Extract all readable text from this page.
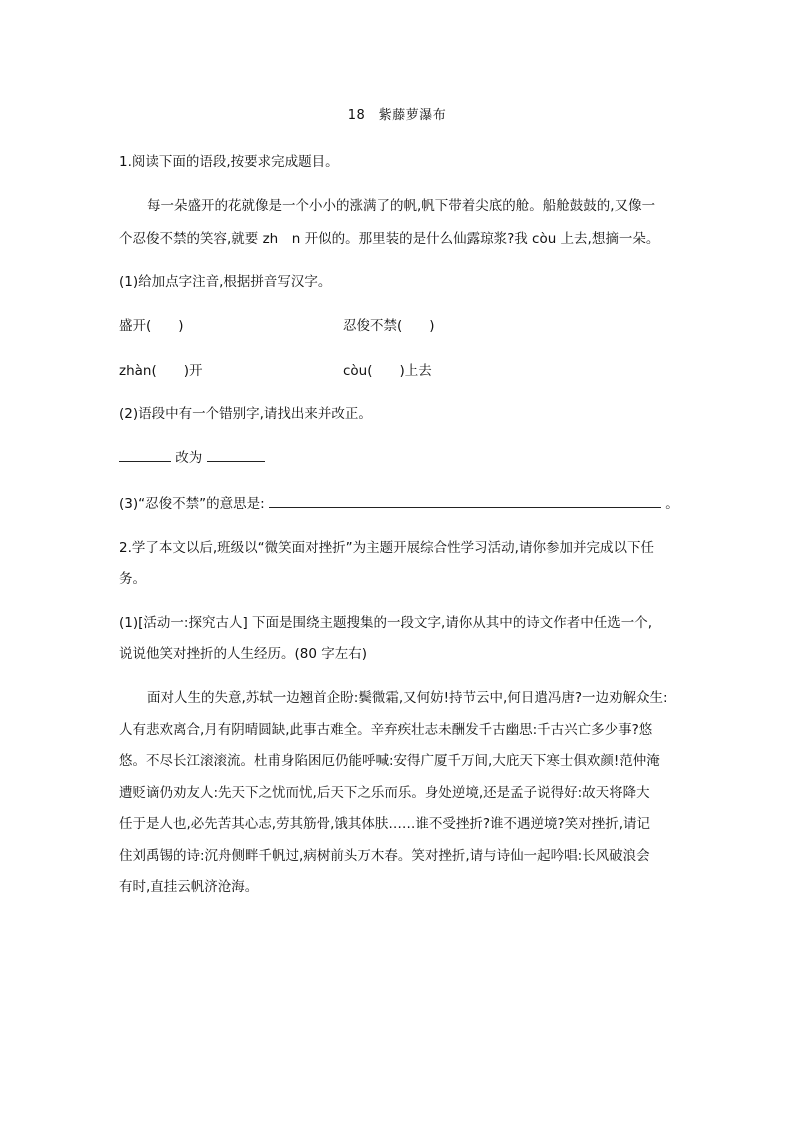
18　紫藤萝瀑布
1.阅读下面的语段,按要求完成题目。
每一朵盛开的花就像是一个小小的涨满了的帆,帆下带着尖底的舱。船舱鼓鼓的,又像一
个忍俊不禁的笑容,就要 zh　n 开似的。那里装的是什么仙露琼浆?我 còu 上去,想摘一朵。
(1)给加点字注音,根据拼音写汉字。
盛开(　　)	忍俊不禁(　　)
zhàn(　　)开	còu(　　)上去
(2)语段中有一个错别字,请找出来并改正。
改为
(3)“忍俊不禁”的意思是:	。
2.学了本文以后,班级以“微笑面对挫折”为主题开展综合性学习活动,请你参加并完成以下任
务。
(1)[活动一:探究古人] 下面是围绕主题搜集的一段文字,请你从其中的诗文作者中任选一个,
说说他笑对挫折的人生经历。(80 字左右)
面对人生的失意,苏轼一边翘首企盼:鬓微霜,又何妨!持节云中,何日遣冯唐?一边劝解众生:
人有悲欢离合,月有阴晴圆缺,此事古难全。辛弃疾壮志未酬发千古幽思:千古兴亡多少事?悠
悠。不尽长江滚滚流。杜甫身陷困厄仍能呼喊:安得广厦千万间,大庇天下寒士俱欢颜!范仲淹
遭贬谪仍劝友人:先天下之忧而忧,后天下之乐而乐。身处逆境,还是孟子说得好:故天将降大
任于是人也,必先苦其心志,劳其筋骨,饿其体肤……谁不受挫折?谁不遇逆境?笑对挫折,请记
住刘禹锡的诗:沉舟侧畔千帆过,病树前头万木春。笑对挫折,请与诗仙一起吟唱:长风破浪会
有时,直挂云帆济沧海。
